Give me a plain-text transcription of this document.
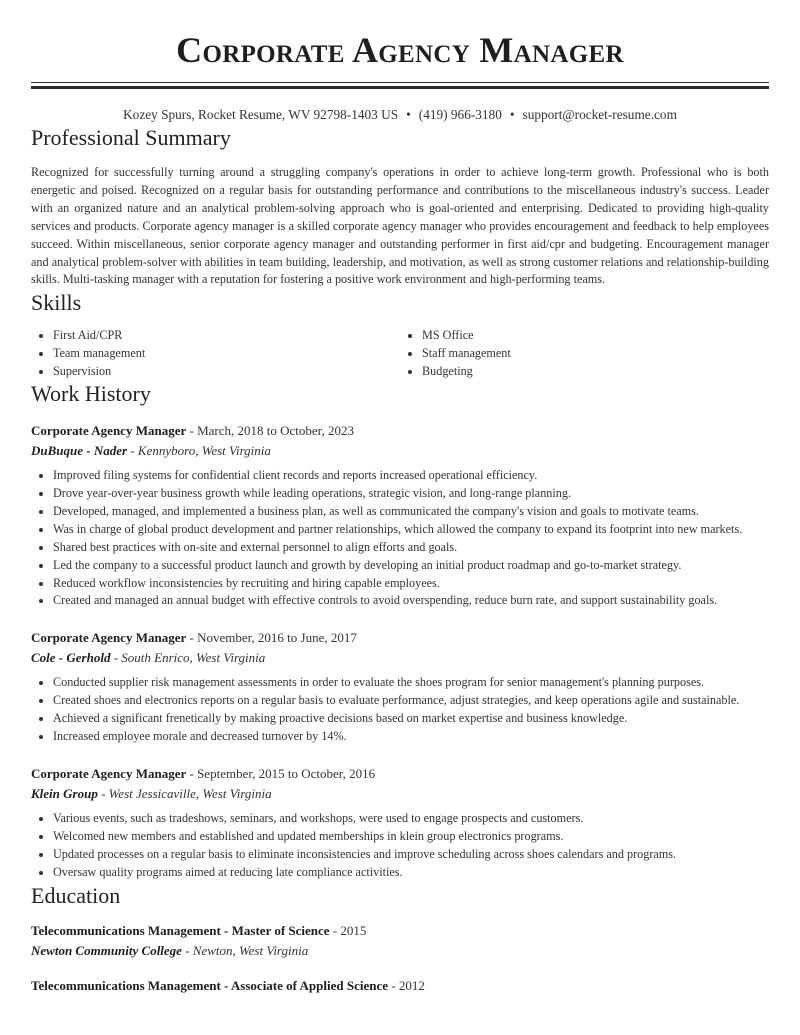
Corporate Agency Manager
Kozey Spurs, Rocket Resume, WV 92798-1403 US • (419) 966-3180 • support@rocket-resume.com
Professional Summary

Recognized for successfully turning around a struggling company's operations in order to achieve long-term growth. Professional who is both energetic and poised. Recognized on a regular basis for outstanding performance and contributions to the miscellaneous industry's success. Leader with an organized nature and an analytical problem-solving approach who is goal-oriented and enterprising. Dedicated to providing high-quality services and products. Corporate agency manager is a skilled corporate agency manager who provides encouragement and feedback to help employees succeed. Within miscellaneous, senior corporate agency manager and outstanding performer in first aid/cpr and budgeting. Encouragement manager and analytical problem-solver with abilities in team building, leadership, and motivation, as well as strong customer relations and relationship-building skills. Multi-tasking manager with a reputation for fostering a positive work environment and high-performing teams.

Skills
• First Aid/CPR
• Team management
• Supervision
• MS Office
• Staff management
• Budgeting
Work History
Corporate Agency Manager - March, 2018 to October, 2023
DuBuque - Nader - Kennyboro, West Virginia
• Improved filing systems for confidential client records and reports increased operational efficiency.
• Drove year-over-year business growth while leading operations, strategic vision, and long-range planning.
• Developed, managed, and implemented a business plan, as well as communicated the company's vision and goals to motivate teams.
• Was in charge of global product development and partner relationships, which allowed the company to expand its footprint into new markets.
• Shared best practices with on-site and external personnel to align efforts and goals.
• Led the company to a successful product launch and growth by developing an initial product roadmap and go-to-market strategy.
• Reduced workflow inconsistencies by recruiting and hiring capable employees.
• Created and managed an annual budget with effective controls to avoid overspending, reduce burn rate, and support sustainability goals.
Corporate Agency Manager - November, 2016 to June, 2017
Cole - Gerhold - South Enrico, West Virginia
• Conducted supplier risk management assessments in order to evaluate the shoes program for senior management's planning purposes.
• Created shoes and electronics reports on a regular basis to evaluate performance, adjust strategies, and keep operations agile and sustainable.
• Achieved a significant frenetically by making proactive decisions based on market expertise and business knowledge.
• Increased employee morale and decreased turnover by 14%.
Corporate Agency Manager - September, 2015 to October, 2016
Klein Group - West Jessicaville, West Virginia
• Various events, such as tradeshows, seminars, and workshops, were used to engage prospects and customers.
• Welcomed new members and established and updated memberships in klein group electronics programs.
• Updated processes on a regular basis to eliminate inconsistencies and improve scheduling across shoes calendars and programs.
• Oversaw quality programs aimed at reducing late compliance activities.
Education
Telecommunications Management - Master of Science - 2015
Newton Community College - Newton, West Virginia
Telecommunications Management - Associate of Applied Science - 2012
